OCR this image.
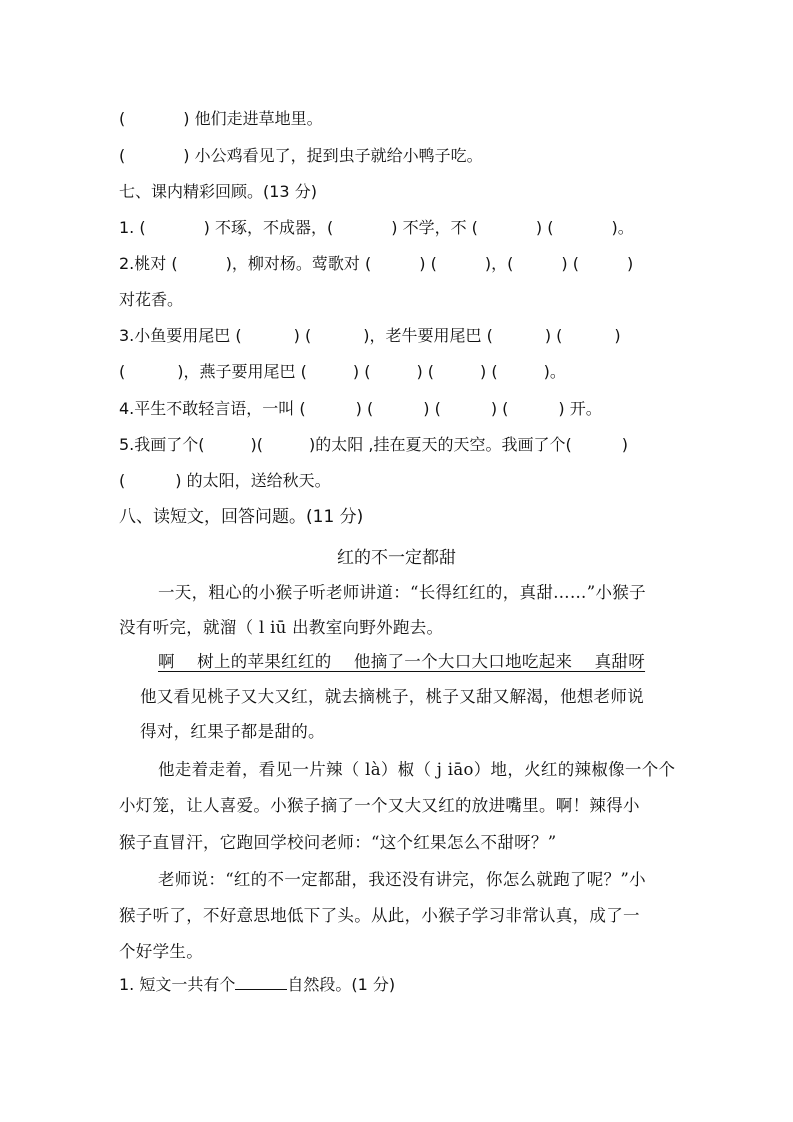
(	) 他们走进草地里。
(	) 小公鸡看见了，捉到虫子就给小鸭子吃。
七、课内精彩回顾。(13 分)
1. (	) 不琢，不成器，(	) 不学，不 (	) (	)。
2.桃对 (	)，柳对杨。莺歌对 (	) (	)，(	) (	)
对花香。
3.小鱼要用尾巴 (	) (	)，老牛要用尾巴 (	) (	)
(	)，燕子要用尾巴 (	) (	) (	) (	)。
4.平生不敢轻言语，一叫 (	) (	) (	) (	) 开。
5.我画了个(	)(	)的太阳 ,挂在夏天的天空。我画了个(	)
(	) 的太阳，送给秋天。
八、读短文，回答问题。(11 分)
红的不一定都甜
一天，粗心的小猴子听老师讲道：“长得红红的，真甜……”小猴子
没有听完，就溜（ l iū 出教室向野外跑去。
啊　 树上的苹果红红的　 他摘了一个大口大口地吃起来　 真甜呀
他又看见桃子又大又红，就去摘桃子，桃子又甜又解渴，他想老师说
得对，红果子都是甜的。
他走着走着，看见一片辣（ là）椒（ j iāo）地，火红的辣椒像一个个
小灯笼，让人喜爱。小猴子摘了一个又大又红的放进嘴里。啊！辣得小
猴子直冒汗，它跑回学校问老师：“这个红果怎么不甜呀？”
老师说：“红的不一定都甜，我还没有讲完，你怎么就跑了呢？”小
猴子听了，不好意思地低下了头。从此，小猴子学习非常认真，成了一
个好学生。
1. 短文一共有个	自然段。(1 分)
